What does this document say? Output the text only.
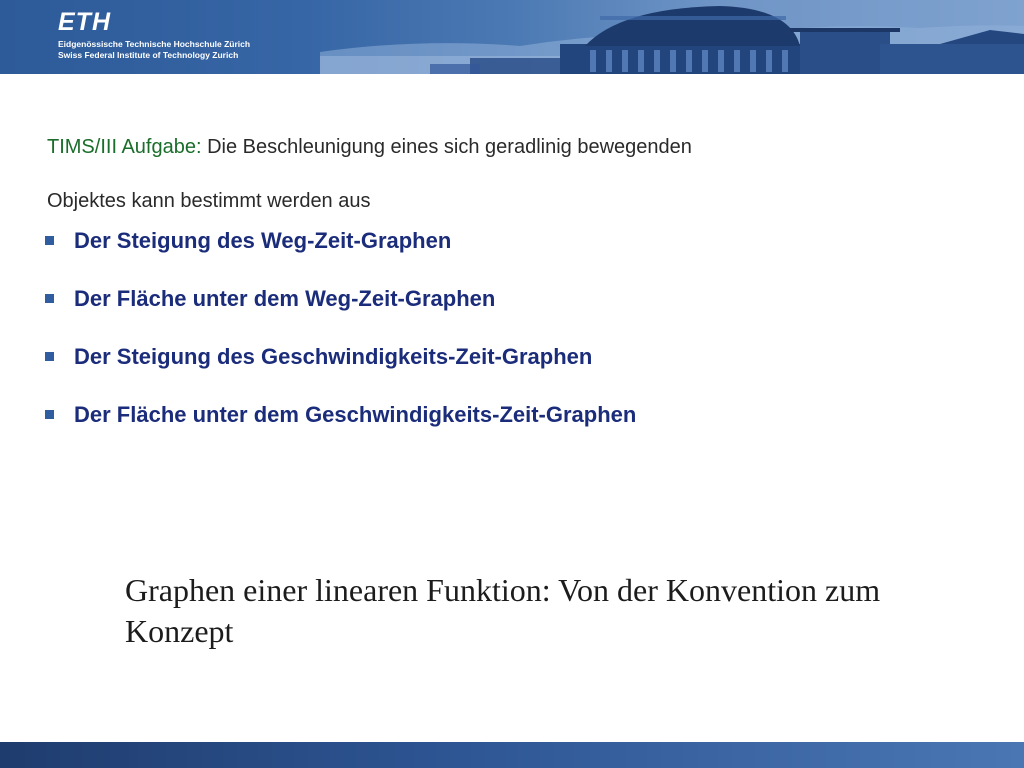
ETH
Eidgenössische Technische Hochschule Zürich
Swiss Federal Institute of Technology Zurich
TIMS/III Aufgabe: Die Beschleunigung eines sich geradlinig bewegenden
Objektes kann bestimmt werden aus
Der Steigung des Weg-Zeit-Graphen
Der Fläche unter dem Weg-Zeit-Graphen
Der Steigung des Geschwindigkeits-Zeit-Graphen
Der Fläche unter dem Geschwindigkeits-Zeit-Graphen
Graphen einer linearen Funktion: Von der Konvention zum Konzept
